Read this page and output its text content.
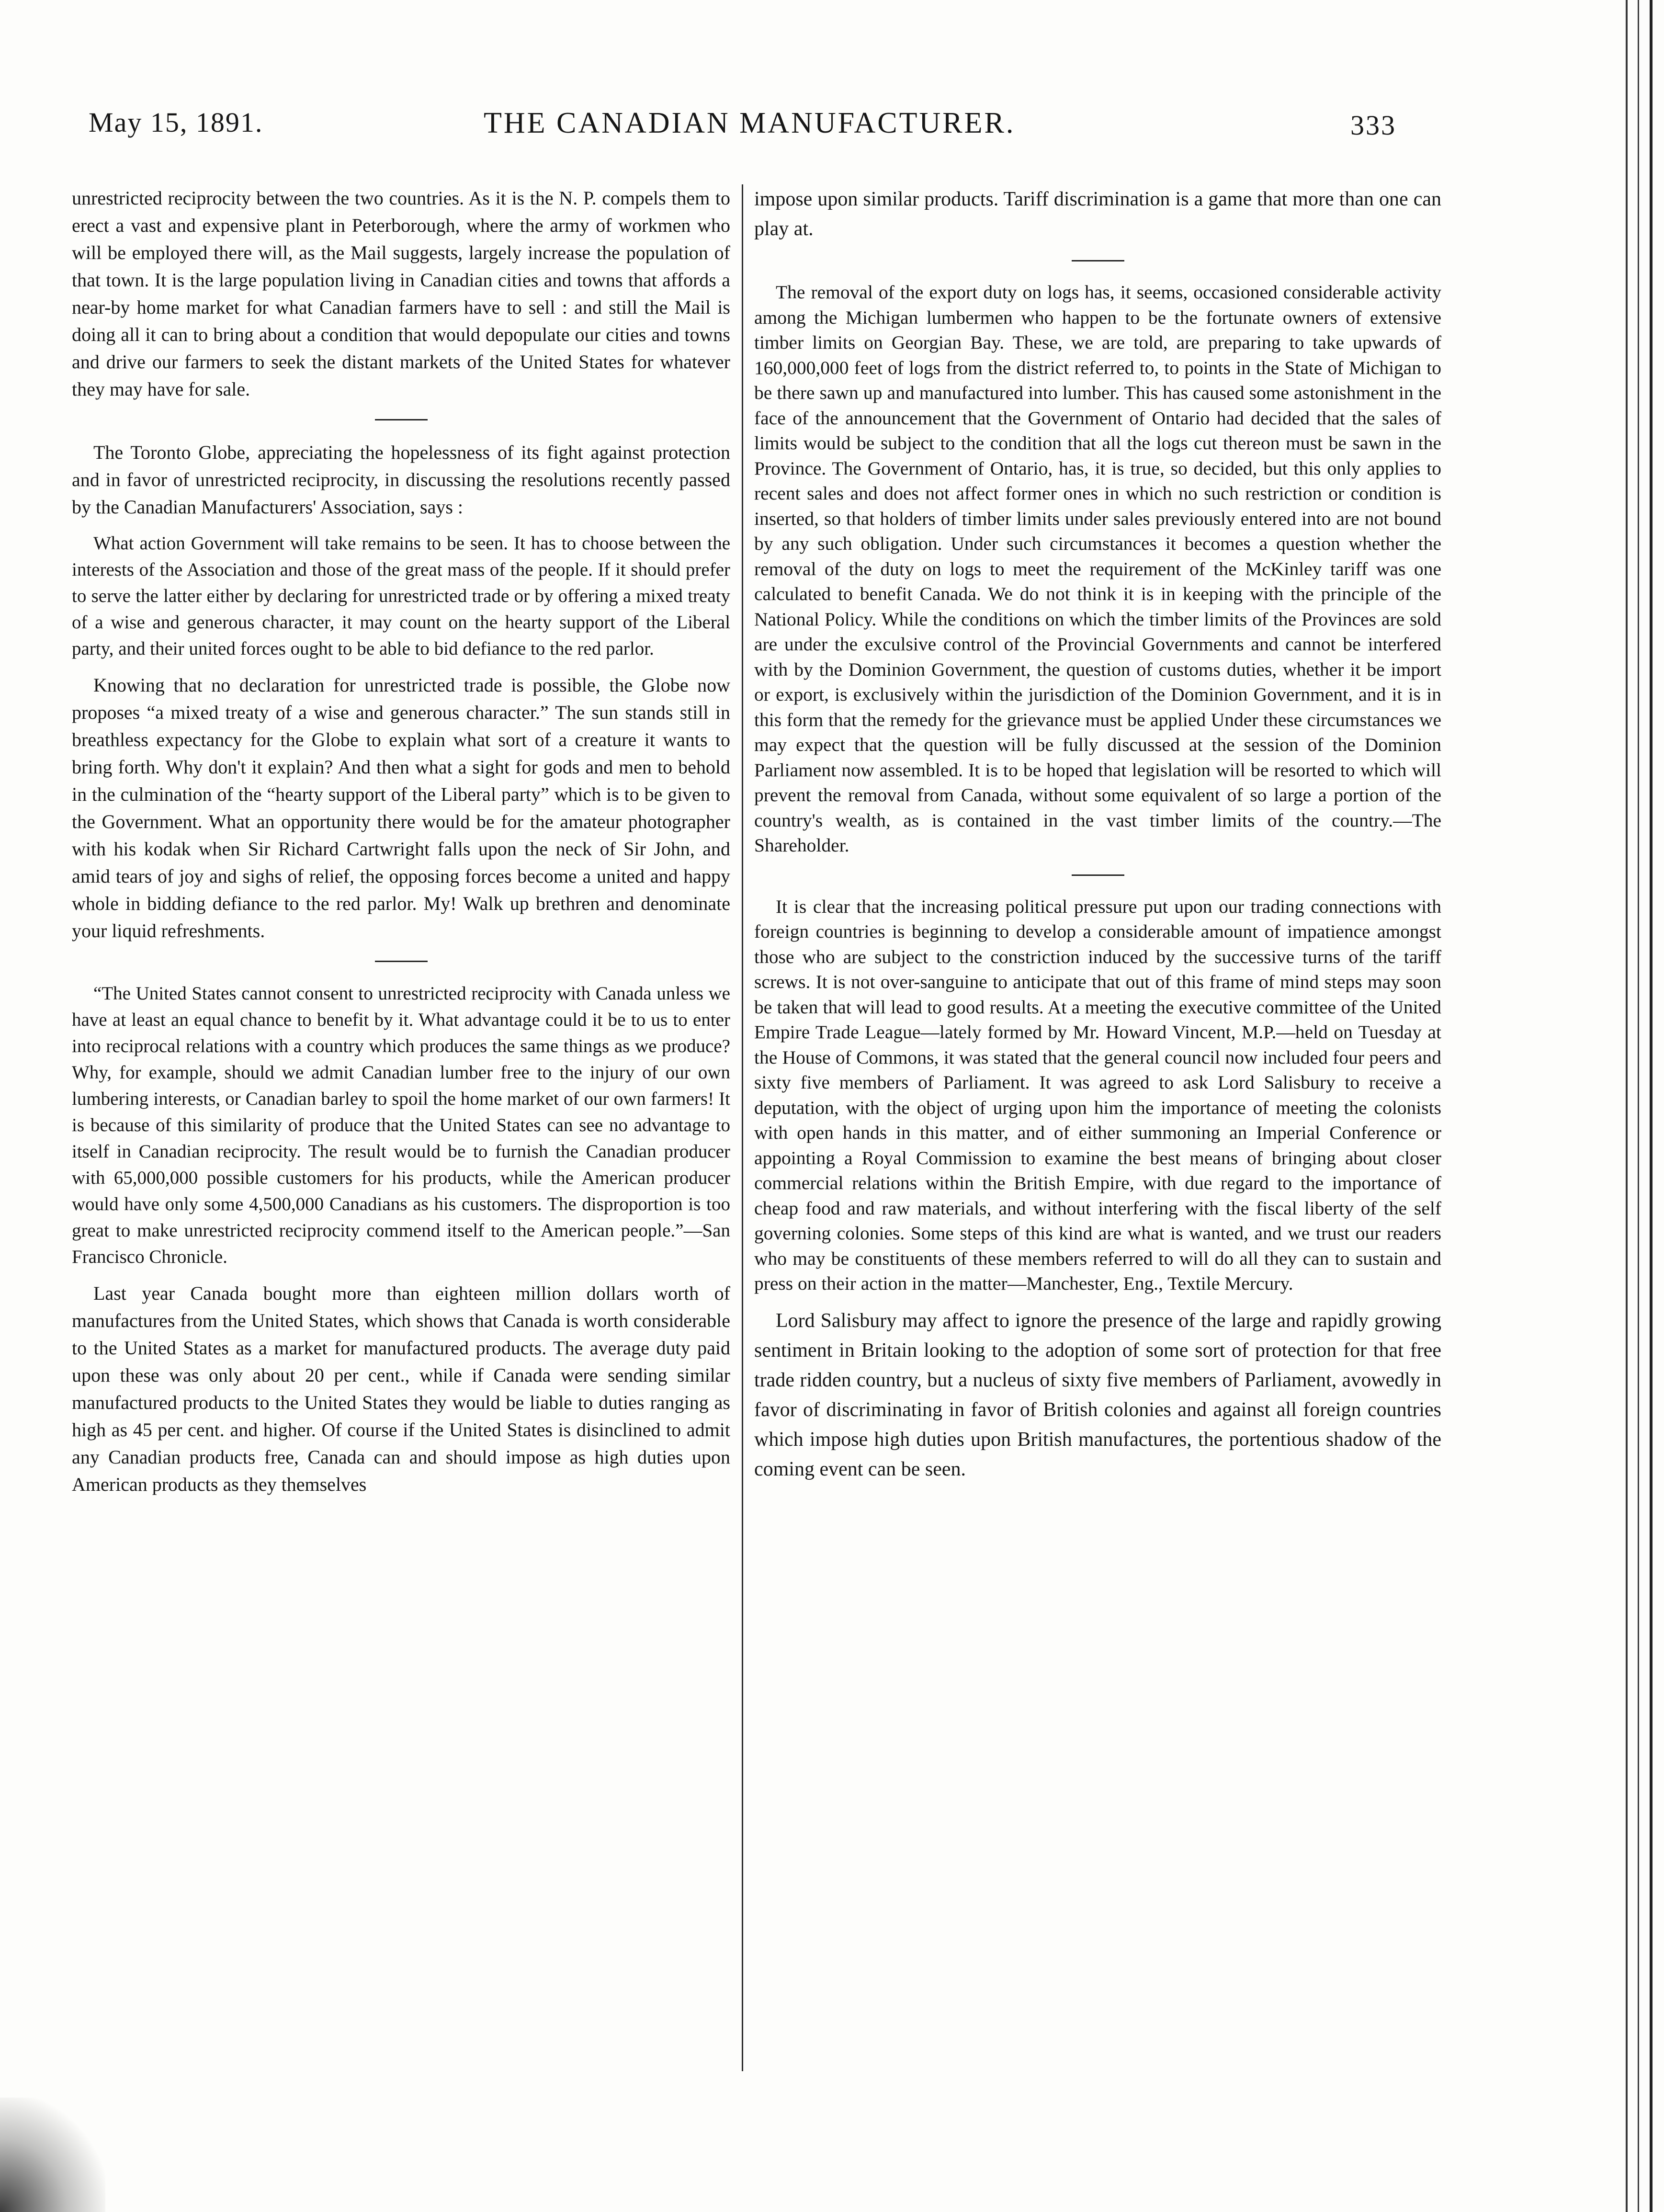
May 15, 1891.	THE CANADIAN MANUFACTURER.	333

unrestricted reciprocity between the two countries. As it is the N. P. compels them to erect a vast and expensive plant in Peterborough, where the army of workmen who will be employed there will, as the Mail suggests, largely increase the population of that town. It is the large population living in Canadian cities and towns that affords a near-by home market for what Canadian farmers have to sell : and still the Mail is doing all it can to bring about a condition that would depopulate our cities and towns and drive our farmers to seek the distant markets of the United States for whatever they may have for sale.

The Toronto Globe, appreciating the hopelessness of its fight against protection and in favor of unrestricted reciprocity, in discussing the resolutions recently passed by the Canadian Manufacturers' Association, says :

What action Government will take remains to be seen. It has to choose between the interests of the Association and those of the great mass of the people. If it should prefer to serve the latter either by declaring for unrestricted trade or by offering a mixed treaty of a wise and generous character, it may count on the hearty support of the Liberal party, and their united forces ought to be able to bid defiance to the red parlor.

Knowing that no declaration for unrestricted trade is possible, the Globe now proposes “a mixed treaty of a wise and generous character.” The sun stands still in breathless expectancy for the Globe to explain what sort of a creature it wants to bring forth. Why don't it explain? And then what a sight for gods and men to behold in the culmination of the “hearty support of the Liberal party” which is to be given to the Government. What an opportunity there would be for the amateur photographer with his kodak when Sir Richard Cartwright falls upon the neck of Sir John, and amid tears of joy and sighs of relief, the opposing forces become a united and happy whole in bidding defiance to the red parlor. My! Walk up brethren and denominate your liquid refreshments.

“The United States cannot consent to unrestricted reciprocity with Canada unless we have at least an equal chance to benefit by it. What advantage could it be to us to enter into reciprocal relations with a country which produces the same things as we produce? Why, for example, should we admit Canadian lumber free to the injury of our own lumbering interests, or Canadian barley to spoil the home market of our own farmers! It is because of this similarity of produce that the United States can see no advantage to itself in Canadian reciprocity. The result would be to furnish the Canadian producer with 65,000,000 possible customers for his products, while the American producer would have only some 4,500,000 Canadians as his customers. The disproportion is too great to make unrestricted reciprocity commend itself to the American people.”—San Francisco Chronicle.

Last year Canada bought more than eighteen million dollars worth of manufactures from the United States, which shows that Canada is worth considerable to the United States as a market for manufactured products. The average duty paid upon these was only about 20 per cent., while if Canada were sending similar manufactured products to the United States they would be liable to duties ranging as high as 45 per cent. and higher. Of course if the United States is disinclined to admit any Canadian products free, Canada can and should impose as high duties upon American products as they themselves

impose upon similar products. Tariff discrimination is a game that more than one can play at.

The removal of the export duty on logs has, it seems, occasioned considerable activity among the Michigan lumbermen who happen to be the fortunate owners of extensive timber limits on Georgian Bay. These, we are told, are preparing to take upwards of 160,000,000 feet of logs from the district referred to, to points in the State of Michigan to be there sawn up and manufactured into lumber. This has caused some astonishment in the face of the announcement that the Government of Ontario had decided that the sales of limits would be subject to the condition that all the logs cut thereon must be sawn in the Province. The Government of Ontario, has, it is true, so decided, but this only applies to recent sales and does not affect former ones in which no such restriction or condition is inserted, so that holders of timber limits under sales previously entered into are not bound by any such obligation. Under such circumstances it becomes a question whether the removal of the duty on logs to meet the requirement of the McKinley tariff was one calculated to benefit Canada. We do not think it is in keeping with the principle of the National Policy. While the conditions on which the timber limits of the Provinces are sold are under the exculsive control of the Provincial Governments and cannot be interfered with by the Dominion Government, the question of customs duties, whether it be import or export, is exclusively within the jurisdiction of the Dominion Government, and it is in this form that the remedy for the grievance must be applied Under these circumstances we may expect that the question will be fully discussed at the session of the Dominion Parliament now assembled. It is to be hoped that legislation will be resorted to which will prevent the removal from Canada, without some equivalent of so large a portion of the country's wealth, as is contained in the vast timber limits of the country.—The Shareholder.

It is clear that the increasing political pressure put upon our trading connections with foreign countries is beginning to develop a considerable amount of impatience amongst those who are subject to the constriction induced by the successive turns of the tariff screws. It is not over-sanguine to anticipate that out of this frame of mind steps may soon be taken that will lead to good results. At a meeting the executive committee of the United Empire Trade League—lately formed by Mr. Howard Vincent, M.P.—held on Tuesday at the House of Commons, it was stated that the general council now included four peers and sixty five members of Parliament. It was agreed to ask Lord Salisbury to receive a deputation, with the object of urging upon him the importance of meeting the colonists with open hands in this matter, and of either summoning an Imperial Conference or appointing a Royal Commission to examine the best means of bringing about closer commercial relations within the British Empire, with due regard to the importance of cheap food and raw materials, and without interfering with the fiscal liberty of the self governing colonies. Some steps of this kind are what is wanted, and we trust our readers who may be constituents of these members referred to will do all they can to sustain and press on their action in the matter—Manchester, Eng., Textile Mercury.

Lord Salisbury may affect to ignore the presence of the large and rapidly growing sentiment in Britain looking to the adoption of some sort of protection for that free trade ridden country, but a nucleus of sixty five members of Parliament, avowedly in favor of discriminating in favor of British colonies and against all foreign countries which impose high duties upon British manufactures, the portentious shadow of the coming event can be seen.
